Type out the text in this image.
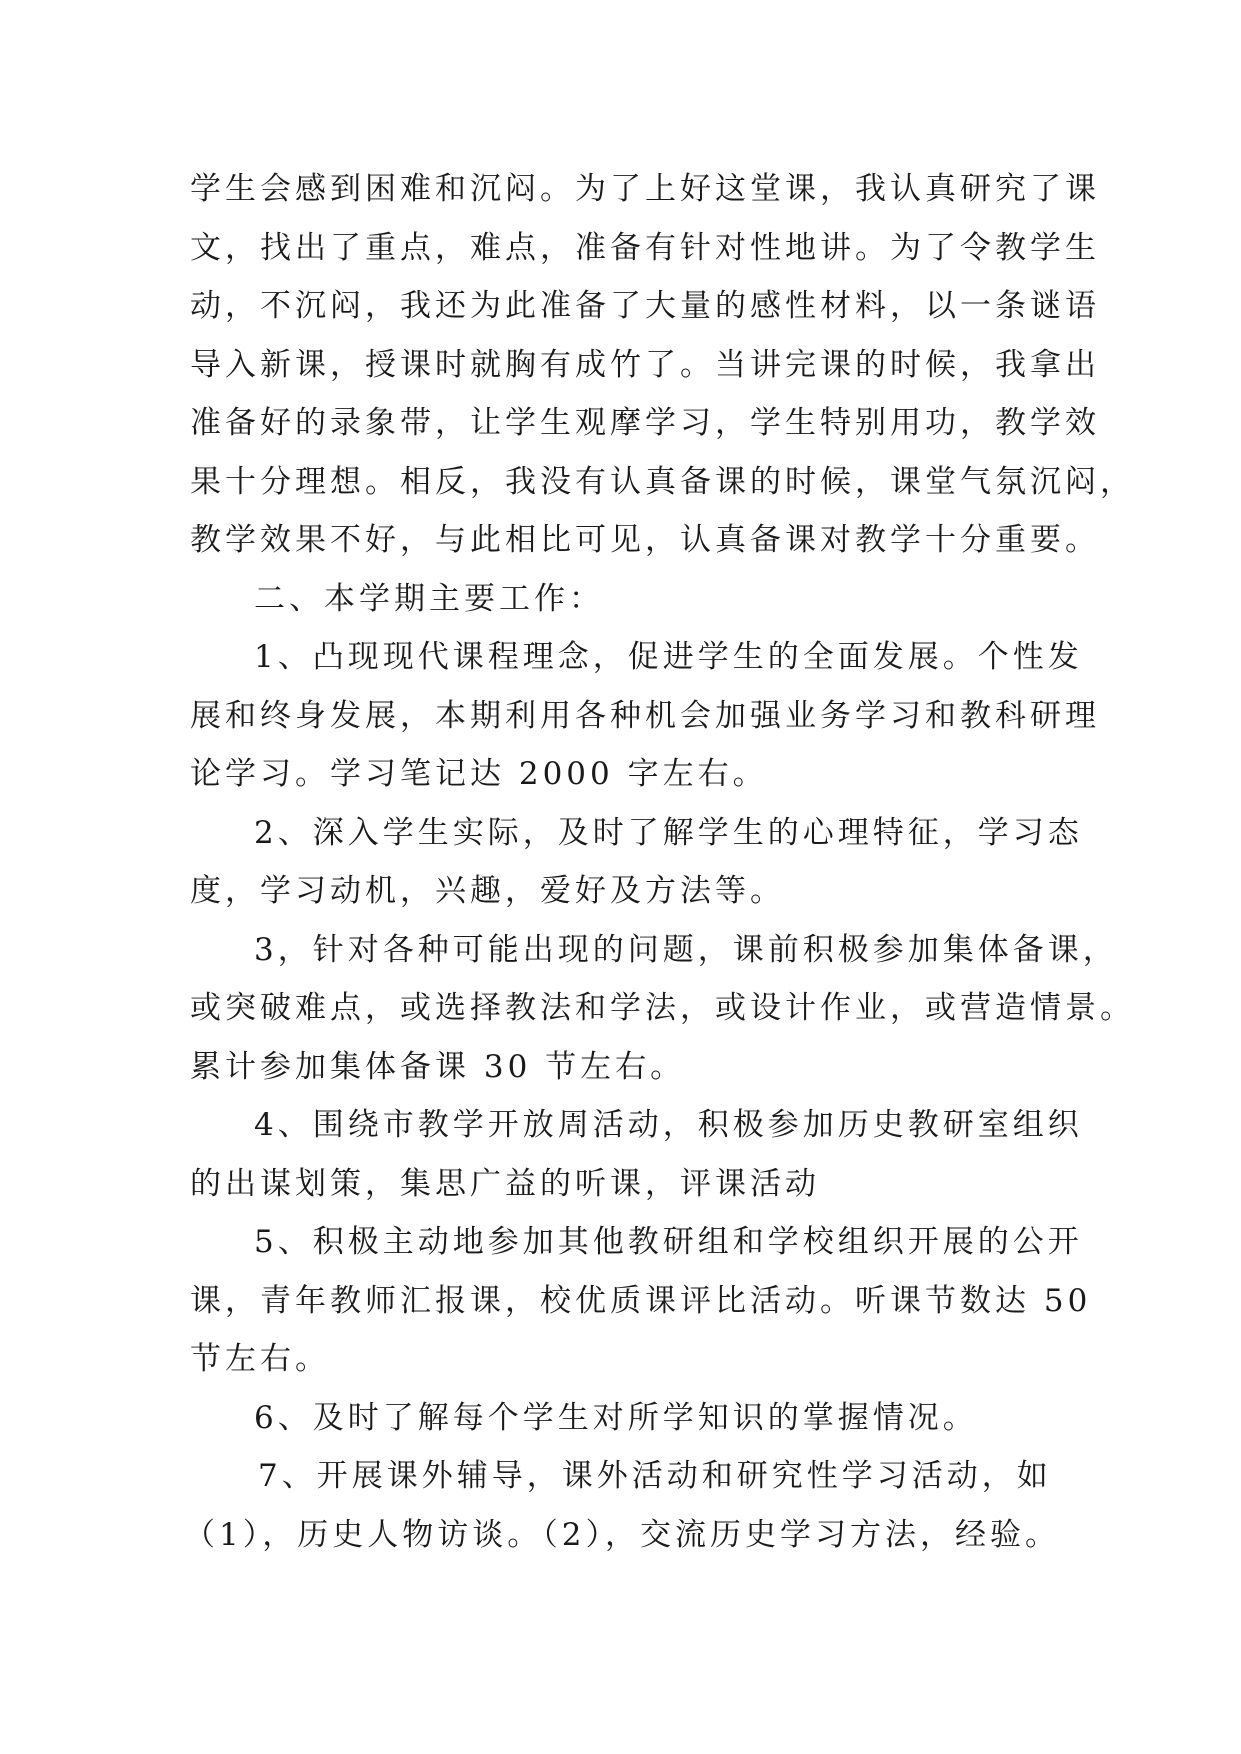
学生会感到困难和沉闷。为了上好这堂课，我认真研究了课
文，找出了重点，难点，准备有针对性地讲。为了令教学生
动，不沉闷，我还为此准备了大量的感性材料，以一条谜语
导入新课，授课时就胸有成竹了。当讲完课的时候，我拿出
准备好的录象带，让学生观摩学习，学生特别用功，教学效
果十分理想。相反，我没有认真备课的时候，课堂气氛沉闷，
教学效果不好，与此相比可见，认真备课对教学十分重要。
二、本学期主要工作：
1、凸现现代课程理念，促进学生的全面发展。个性发
展和终身发展，本期利用各种机会加强业务学习和教科研理
论学习。学习笔记达 2000 字左右。
2、深入学生实际，及时了解学生的心理特征，学习态
度，学习动机，兴趣，爱好及方法等。
3，针对各种可能出现的问题，课前积极参加集体备课，
或突破难点，或选择教法和学法，或设计作业，或营造情景。
累计参加集体备课 30 节左右。
4、围绕市教学开放周活动，积极参加历史教研室组织
的出谋划策，集思广益的听课，评课活动
5、积极主动地参加其他教研组和学校组织开展的公开
课，青年教师汇报课，校优质课评比活动。听课节数达 50
节左右。
6、及时了解每个学生对所学知识的掌握情况。
7、开展课外辅导，课外活动和研究性学习活动，如
（1），历史人物访谈。（2），交流历史学习方法，经验。
